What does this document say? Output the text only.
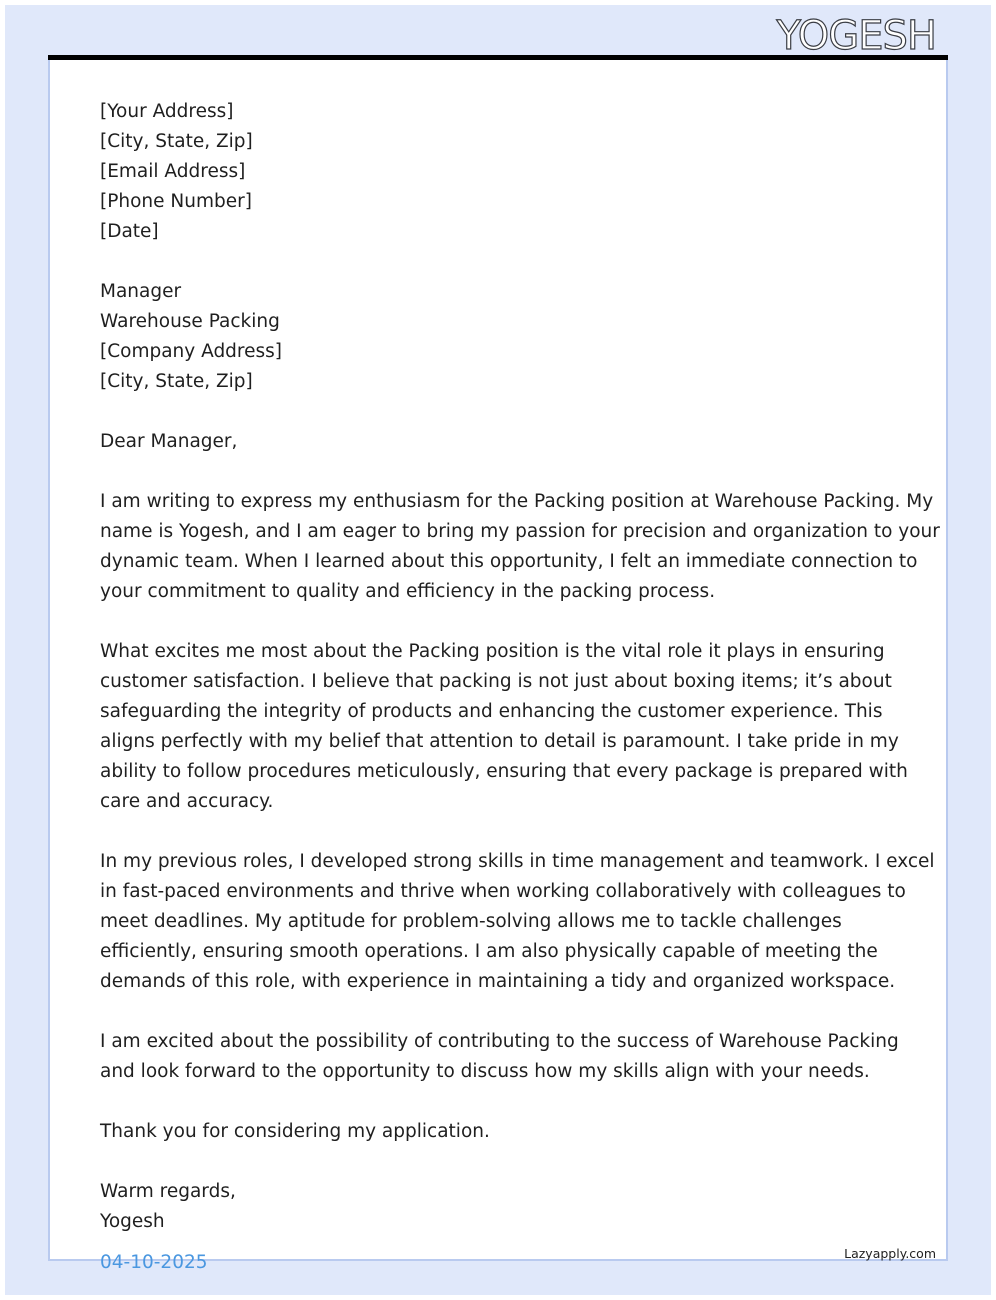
YOGESH
[Your Address]
[City, State, Zip]
[Email Address]
[Phone Number]
[Date]
Manager
Warehouse Packing
[Company Address]
[City, State, Zip]
Dear Manager,

I am writing to express my enthusiasm for the Packing position at Warehouse Packing. My
name is Yogesh, and I am eager to bring my passion for precision and organization to your
dynamic team. When I learned about this opportunity, I felt an immediate connection to
your commitment to quality and efficiency in the packing process.

What excites me most about the Packing position is the vital role it plays in ensuring
customer satisfaction. I believe that packing is not just about boxing items; it’s about
safeguarding the integrity of products and enhancing the customer experience. This
aligns perfectly with my belief that attention to detail is paramount. I take pride in my
ability to follow procedures meticulously, ensuring that every package is prepared with
care and accuracy.

In my previous roles, I developed strong skills in time management and teamwork. I excel
in fast-paced environments and thrive when working collaboratively with colleagues to
meet deadlines. My aptitude for problem-solving allows me to tackle challenges
efficiently, ensuring smooth operations. I am also physically capable of meeting the
demands of this role, with experience in maintaining a tidy and organized workspace.

I am excited about the possibility of contributing to the success of Warehouse Packing
and look forward to the opportunity to discuss how my skills align with your needs.

Thank you for considering my application.

Warm regards,
Yogesh
04-10-2025	Lazyapply.com
